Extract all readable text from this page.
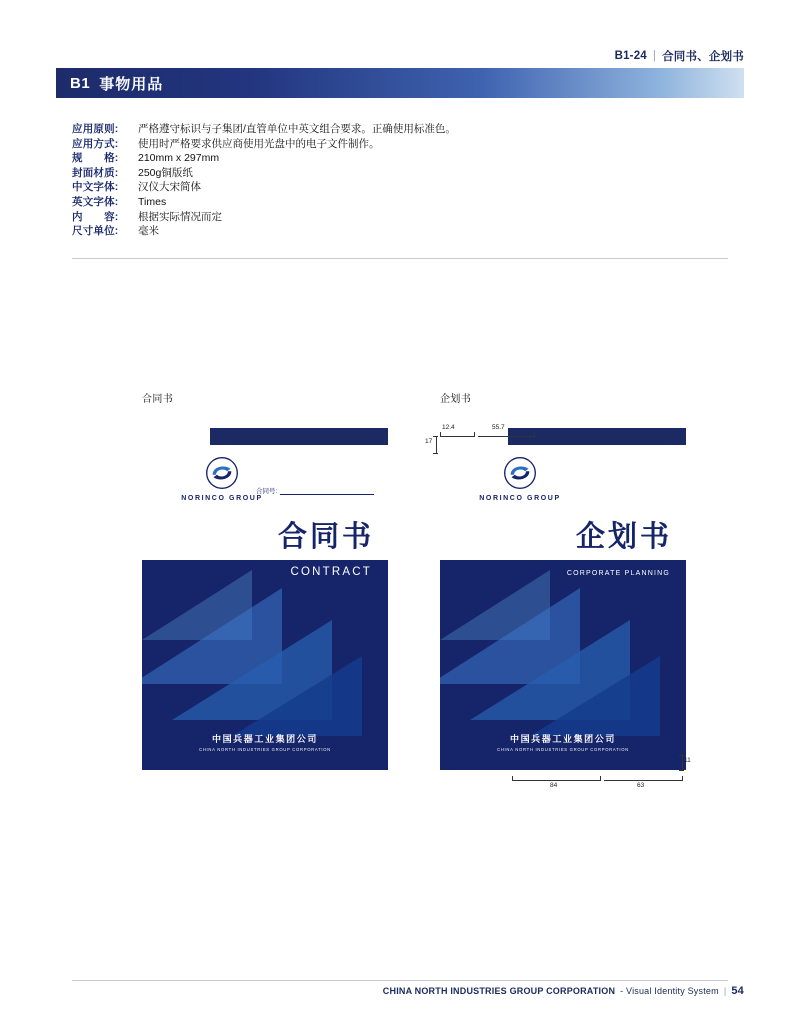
B1-24 | 合同书、企划书
B1 事物用品
应用原则:	严格遵守标识与子集团/直管单位中英文组合要求。正确使用标准色。
应用方式:	使用时严格要求供应商使用光盘中的电子文件制作。
规　　格:	210mm x 297mm
封面材质:	250g铜版纸
中文字体:	汉仪大宋简体
英文字体:	Times
内　　容:	根据实际情况而定
尺寸单位:	毫米
合同书	企划书
NORINCO GROUP
合同号:
合同书
中国兵器工业集团公司
CHINA NORTH INDUSTRIES GROUP CORPORATION
CONTRACT
NORINCO GROUP
企划书
中国兵器工业集团公司
CHINA NORTH INDUSTRIES GROUP CORPORATION
CORPORATE PLANNING
12.4	55.7
17
11
84	63
CHINA NORTH INDUSTRIES GROUP CORPORATION - Visual Identity System | 54
